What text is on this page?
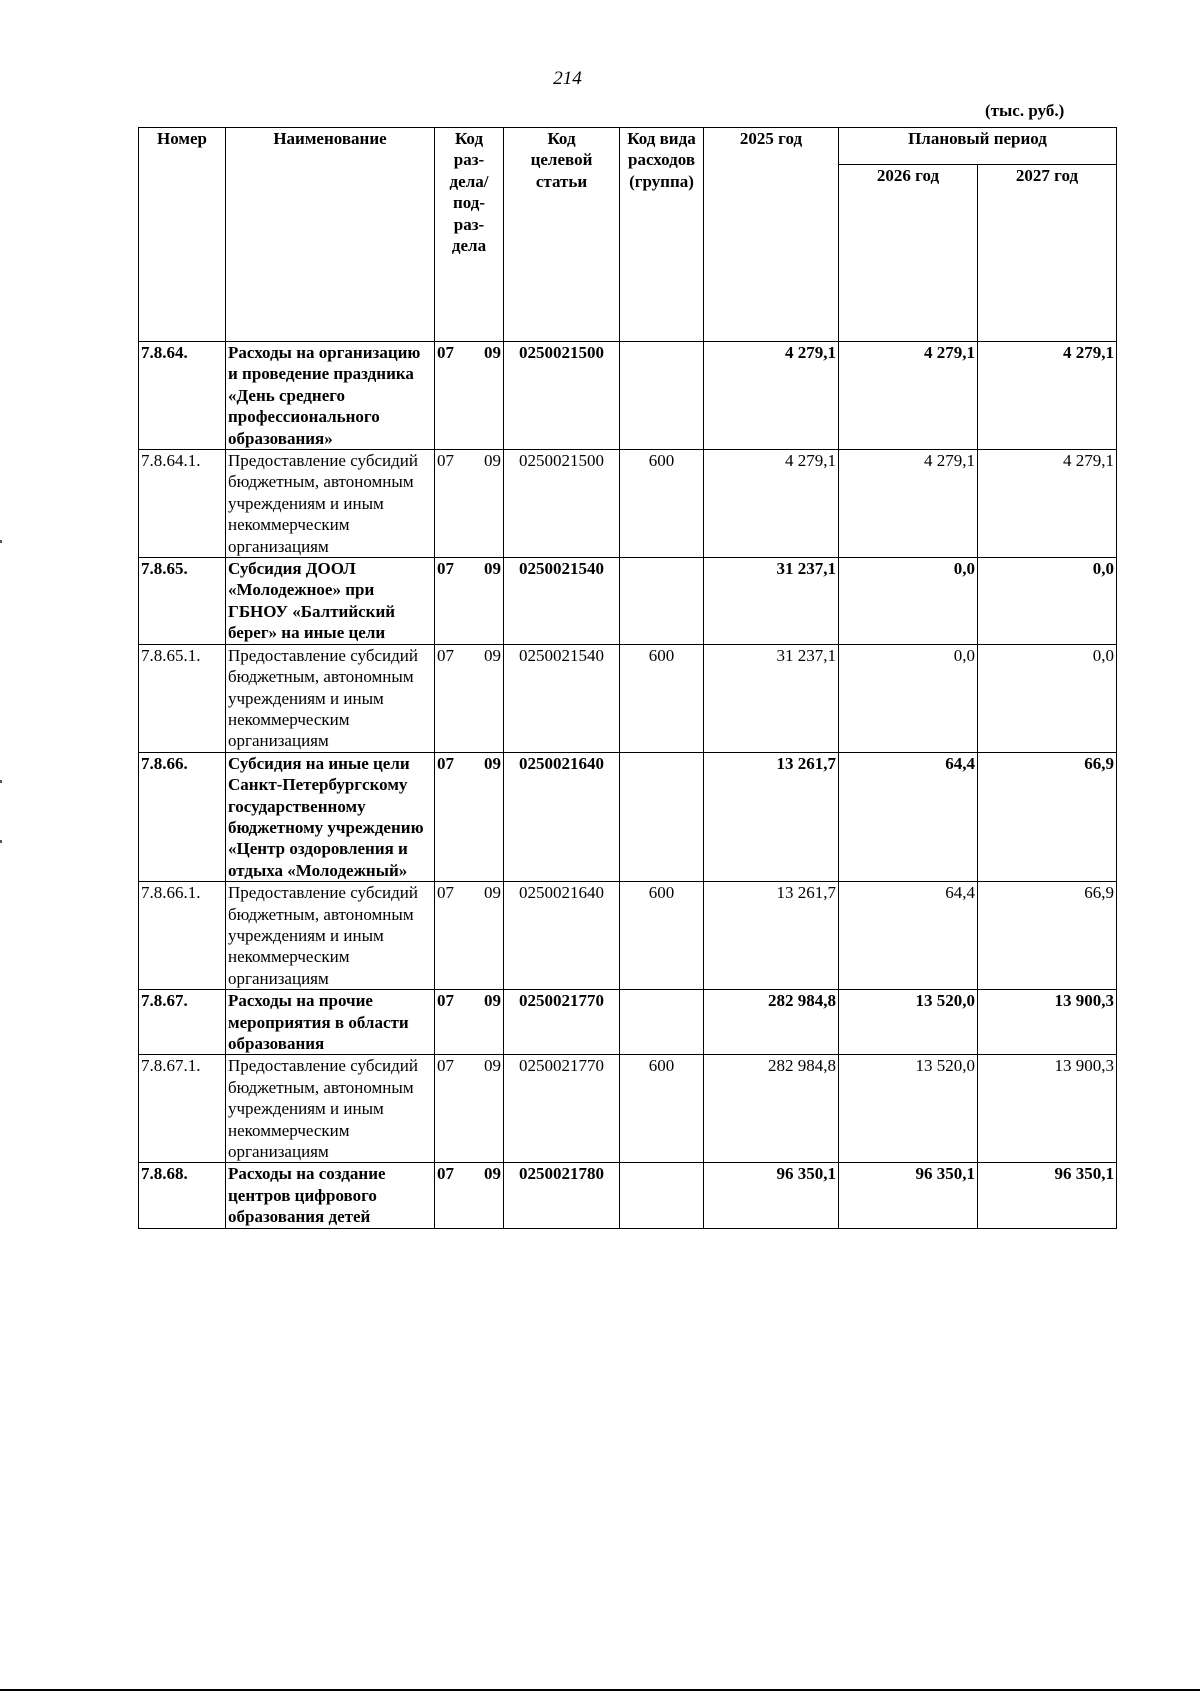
214
(тыс. руб.)
Номер	Наименование	Код раз-дела/ под-раз-дела	Код целевой статьи	Код вида расходов (группа)	2025 год	Плановый период	
						2026 год	2027 год
7.8.64.	Расходы на организацию и проведение праздника «День среднего профессионального образования»	07 09	0250021500		4 279,1	4 279,1	4 279,1
7.8.64.1.	Предоставление субсидий бюджетным, автономным учреждениям и иным некоммерческим организациям	07 09	0250021500	600	4 279,1	4 279,1	4 279,1
7.8.65.	Субсидия ДООЛ «Молодежное» при ГБНОУ «Балтийский берег» на иные цели	07 09	0250021540		31 237,1	0,0	0,0
7.8.65.1.	Предоставление субсидий бюджетным, автономным учреждениям и иным некоммерческим организациям	07 09	0250021540	600	31 237,1	0,0	0,0
7.8.66.	Субсидия на иные цели Санкт-Петербургскому государственному бюджетному учреждению «Центр оздоровления и отдыха «Молодежный»	07 09	0250021640		13 261,7	64,4	66,9
7.8.66.1.	Предоставление субсидий бюджетным, автономным учреждениям и иным некоммерческим организациям	07 09	0250021640	600	13 261,7	64,4	66,9
7.8.67.	Расходы на прочие мероприятия в области образования	07 09	0250021770		282 984,8	13 520,0	13 900,3
7.8.67.1.	Предоставление субсидий бюджетным, автономным учреждениям и иным некоммерческим организациям	07 09	0250021770	600	282 984,8	13 520,0	13 900,3
7.8.68.	Расходы на создание центров цифрового образования детей	07 09	0250021780		96 350,1	96 350,1	96 350,1
